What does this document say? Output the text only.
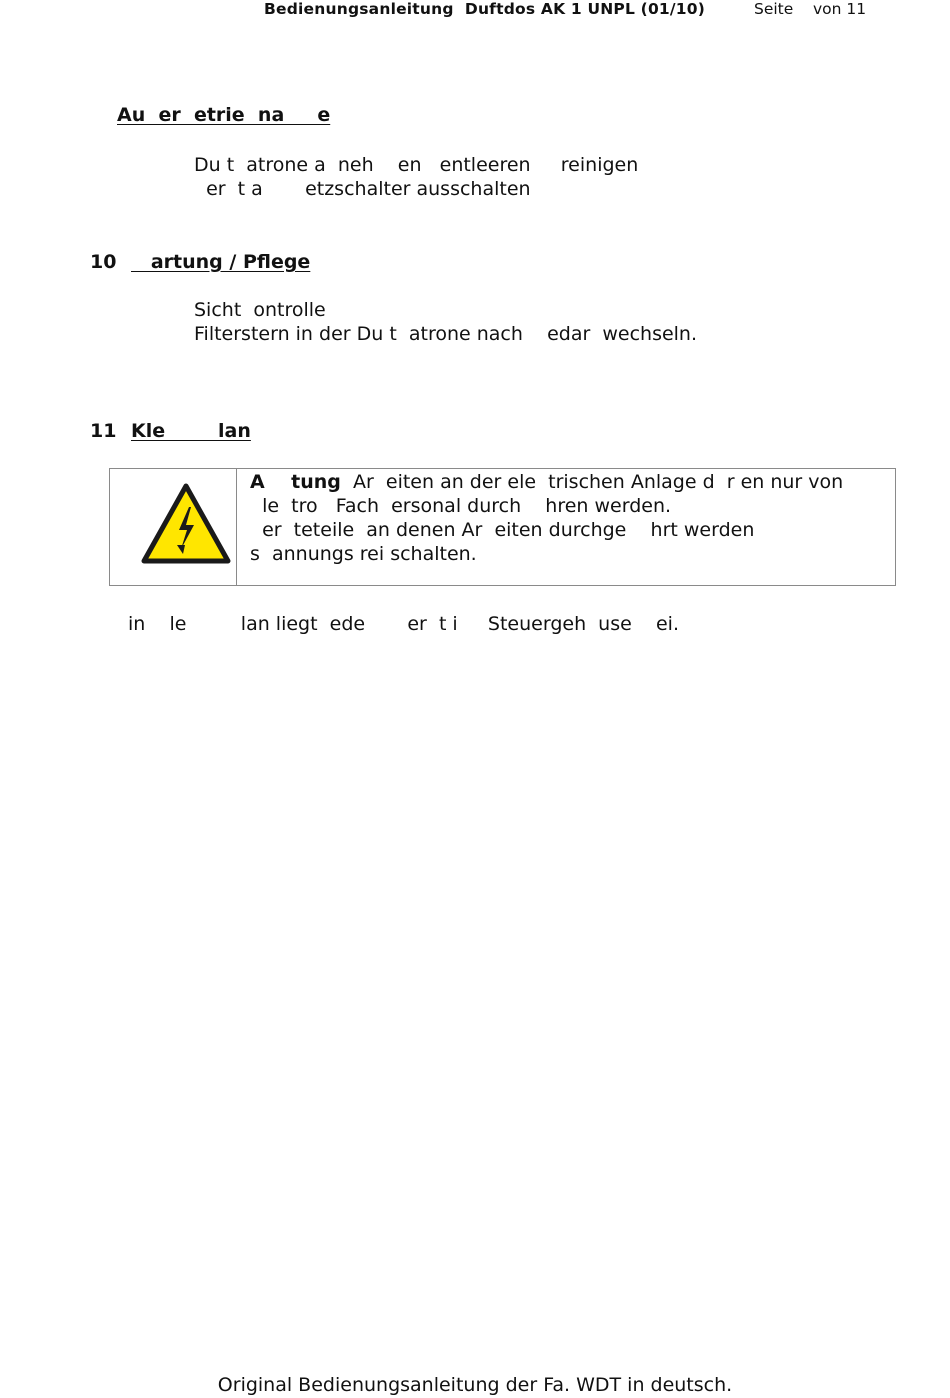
Bedienungsanleitung  Duftdos AK 1 UNPL (01/10)	Seite    von 11
Au  er  etrie  na     e
Du t  atrone a  neh    en   entleeren     reinigen
er  t a       etzschalter ausschalten
10 artung / Pflege
Sicht  ontrolle
Filterstern in der Du t  atrone nach    edar  wechseln.
11 Kle        lan
A    tung  Ar  eiten an der ele  trischen Anlage d  r en nur von
le  tro   Fach  ersonal durch    hren werden.
er  teteile  an denen Ar  eiten durchge    hrt werden
s  annungs rei schalten.
in    le         lan liegt  ede       er  t i     Steuergeh  use    ei.
Original Bedienungsanleitung der Fa. WDT in deutsch.
